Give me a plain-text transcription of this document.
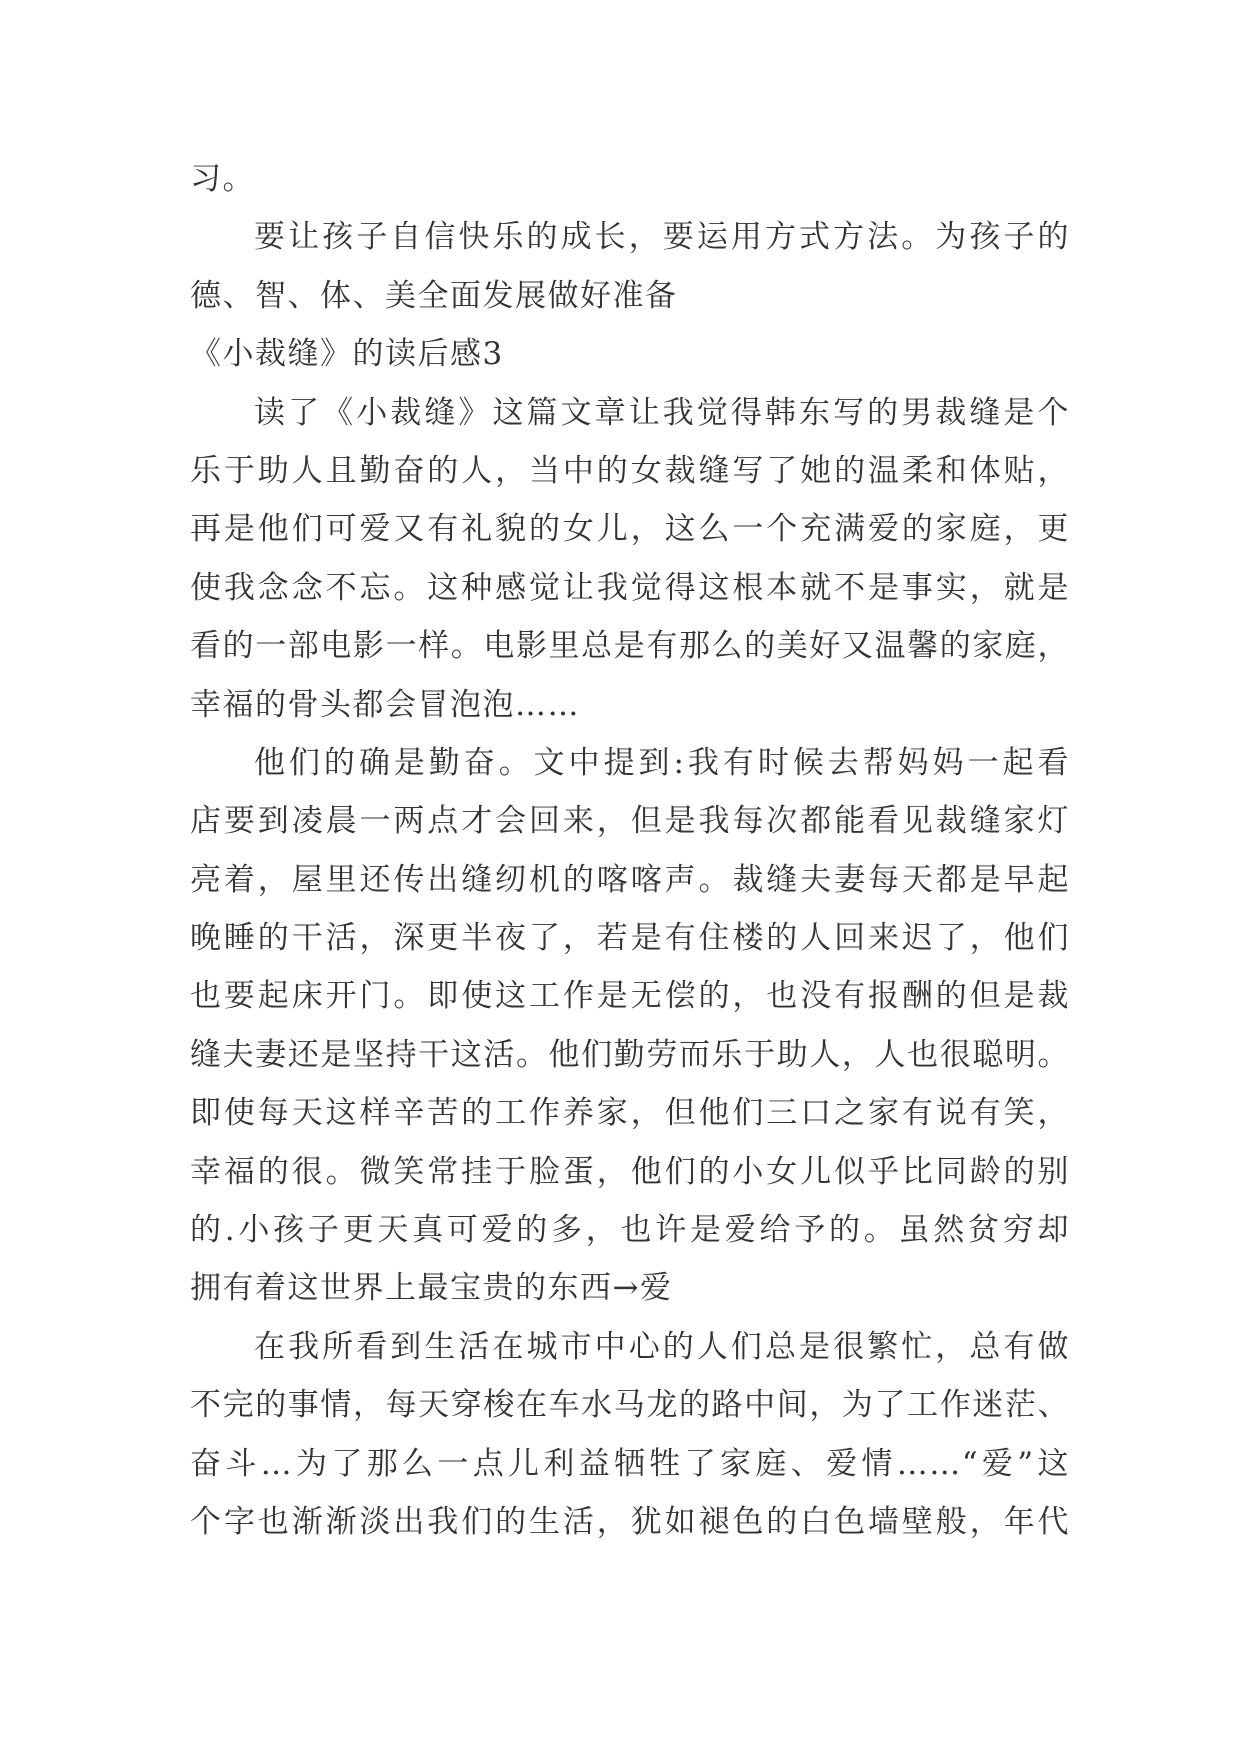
习。
要让孩子自信快乐的成长，要运用方式方法。为孩子的
德、智、体、美全面发展做好准备
《小裁缝》的读后感3
读了《小裁缝》这篇文章让我觉得韩东写的男裁缝是个
乐于助人且勤奋的人，当中的女裁缝写了她的温柔和体贴，
再是他们可爱又有礼貌的女儿，这么一个充满爱的家庭，更
使我念念不忘。这种感觉让我觉得这根本就不是事实，就是
看的一部电影一样。电影里总是有那么的美好又温馨的家庭，
幸福的骨头都会冒泡泡……
他们的确是勤奋。文中提到:我有时候去帮妈妈一起看
店要到凌晨一两点才会回来，但是我每次都能看见裁缝家灯
亮着，屋里还传出缝纫机的喀喀声。裁缝夫妻每天都是早起
晚睡的干活，深更半夜了，若是有住楼的人回来迟了，他们
也要起床开门。即使这工作是无偿的，也没有报酬的但是裁
缝夫妻还是坚持干这活。他们勤劳而乐于助人，人也很聪明。
即使每天这样辛苦的工作养家，但他们三口之家有说有笑，
幸福的很。微笑常挂于脸蛋，他们的小女儿似乎比同龄的别
的.小孩子更天真可爱的多，也许是爱给予的。虽然贫穷却
拥有着这世界上最宝贵的东西→爱
在我所看到生活在城市中心的人们总是很繁忙，总有做
不完的事情，每天穿梭在车水马龙的路中间，为了工作迷茫、
奋斗…为了那么一点儿利益牺牲了家庭、爱情……“爱”这
个字也渐渐淡出我们的生活，犹如褪色的白色墙壁般，年代
